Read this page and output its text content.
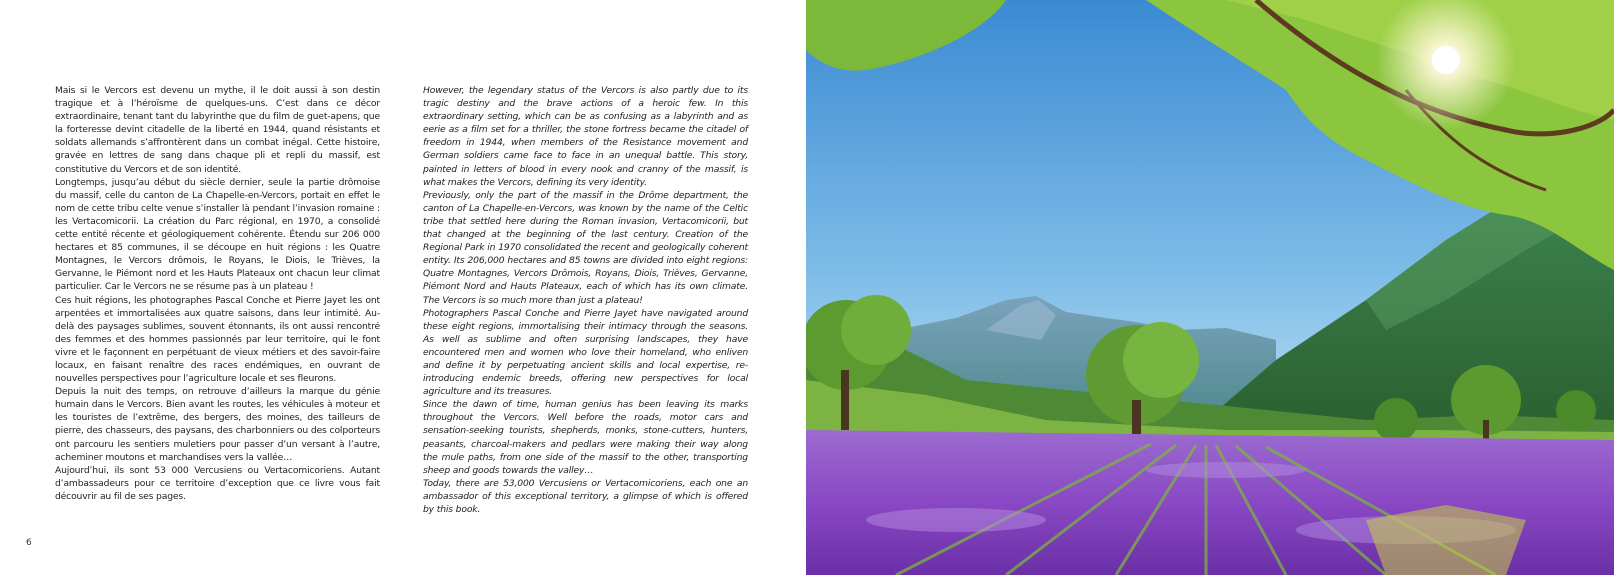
Mais si le Vercors est devenu un mythe, il le doit aussi à son destin tragique et à l’héroïsme de quelques-uns. C’est dans ce décor extraordinaire, tenant tant du labyrinthe que du film de guet-apens, que la forteresse devint citadelle de la liberté en 1944, quand résistants et soldats allemands s’affrontèrent dans un combat inégal. Cette histoire, gravée en lettres de sang dans chaque pli et repli du massif, est constitutive du Vercors et de son identité.

Longtemps, jusqu’au début du siècle dernier, seule la partie drômoise du massif, celle du canton de La Chapelle-en-Vercors, portait en effet le nom de cette tribu celte venue s’installer là pendant l’invasion romaine : les Vertacomicorii. La création du Parc régional, en 1970, a consolidé cette entité récente et géologiquement cohérente. Étendu sur 206 000 hectares et 85 communes, il se découpe en huit régions : les Quatre Montagnes, le Vercors drômois, le Royans, le Diois, le Trièves, la Gervanne, le Piémont nord et les Hauts Plateaux ont chacun leur climat particulier. Car le Vercors ne se résume pas à un plateau !

Ces huit régions, les photographes Pascal Conche et Pierre Jayet les ont arpentées et immortalisées aux quatre saisons, dans leur intimité. Au-delà des paysages sublimes, souvent étonnants, ils ont aussi rencontré des femmes et des hommes passionnés par leur territoire, qui le font vivre et le façonnent en perpétuant de vieux métiers et des savoir-faire locaux, en faisant renaître des races endémiques, en ouvrant de nouvelles perspectives pour l’agriculture locale et ses fleurons.

Depuis la nuit des temps, on retrouve d’ailleurs la marque du génie humain dans le Vercors. Bien avant les routes, les véhicules à moteur et les touristes de l’extrême, des bergers, des moines, des tailleurs de pierre, des chasseurs, des paysans, des charbonniers ou des colporteurs ont parcouru les sentiers muletiers pour passer d’un versant à l’autre, acheminer moutons et marchandises vers la vallée…

Aujourd’hui, ils sont 53 000 Vercusiens ou Vertacomicoriens. Autant d’ambassadeurs pour ce territoire d’exception que ce livre vous fait découvrir au fil de ses pages.

However, the legendary status of the Vercors is also partly due to its tragic destiny and the brave actions of a heroic few. In this extraordinary setting, which can be as confusing as a labyrinth and as eerie as a film set for a thriller, the stone fortress became the citadel of freedom in 1944, when members of the Resistance movement and German soldiers came face to face in an unequal battle. This story, painted in letters of blood in every nook and cranny of the massif, is what makes the Vercors, defining its very identity.

Previously, only the part of the massif in the Drôme department, the canton of La Chapelle-en-Vercors, was known by the name of the Celtic tribe that settled here during the Roman invasion, Vertacomicorii, but that changed at the beginning of the last century. Creation of the Regional Park in 1970 consolidated the recent and geologically coherent entity. Its 206,000 hectares and 85 towns are divided into eight regions: Quatre Montagnes, Vercors Drômois, Royans, Diois, Trièves, Gervanne, Piémont Nord and Hauts Plateaux, each of which has its own climate. The Vercors is so much more than just a plateau!

Photographers Pascal Conche and Pierre Jayet have navigated around these eight regions, immortalising their intimacy through the seasons. As well as sublime and often surprising landscapes, they have encountered men and women who love their homeland, who enliven and define it by perpetuating ancient skills and local expertise, re-introducing endemic breeds, offering new perspectives for local agriculture and its treasures.

Since the dawn of time, human genius has been leaving its marks throughout the Vercors. Well before the roads, motor cars and sensation-seeking tourists, shepherds, monks, stone-cutters, hunters, peasants, charcoal-makers and pedlars were making their way along the mule paths, from one side of the massif to the other, transporting sheep and goods towards the valley…

Today, there are 53,000 Vercusiens or Vertacomicoriens, each one an ambassador of this exceptional territory, a glimpse of which is offered by this book.

6
